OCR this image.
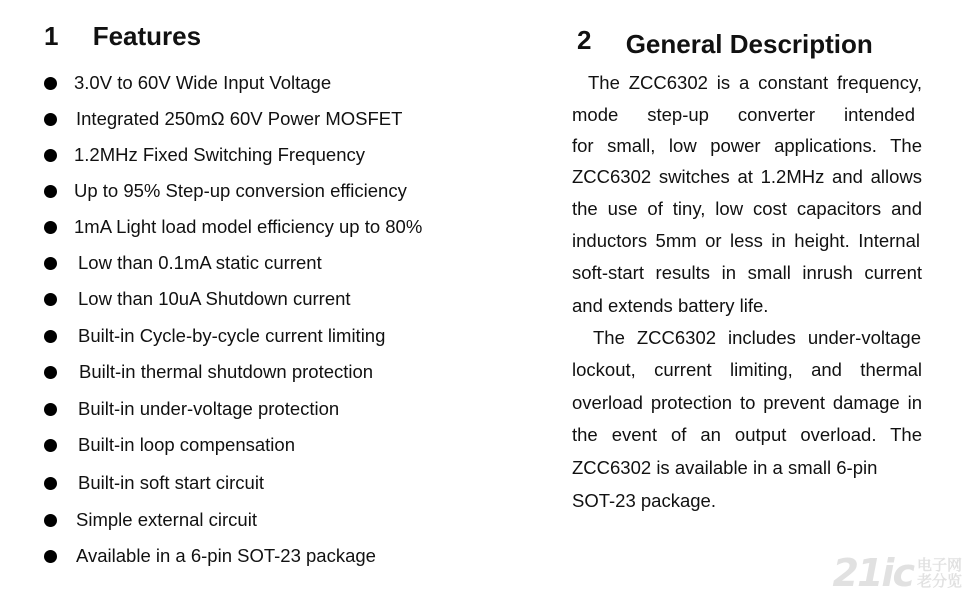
1 Features
3.0V to 60V Wide Input Voltage
Integrated 250mΩ 60V Power MOSFET
1.2MHz Fixed Switching Frequency
Up to 95% Step-up conversion efficiency
1mA Light load model efficiency up to 80%
Low than 0.1mA static current
Low than 10uA Shutdown current
Built-in Cycle-by-cycle current limiting
Built-in thermal shutdown protection
Built-in under-voltage protection
Built-in loop compensation
Built-in soft start circuit
Simple external circuit
Available in a 6-pin SOT-23 package
2 General Description
The ZCC6302 is a constant frequency,
mode step-up converter intended
for small, low power applications. The
ZCC6302 switches at 1.2MHz and allows
the use of tiny, low cost capacitors and
inductors 5mm or less in height. Internal
soft-start results in small inrush current
and extends battery life.
The ZCC6302 includes under-voltage
lockout, current limiting, and thermal
overload protection to prevent damage in
the event of an output overload. The
ZCC6302 is available in a small 6-pin
SOT-23 package.
21ic 电子网
老分览
